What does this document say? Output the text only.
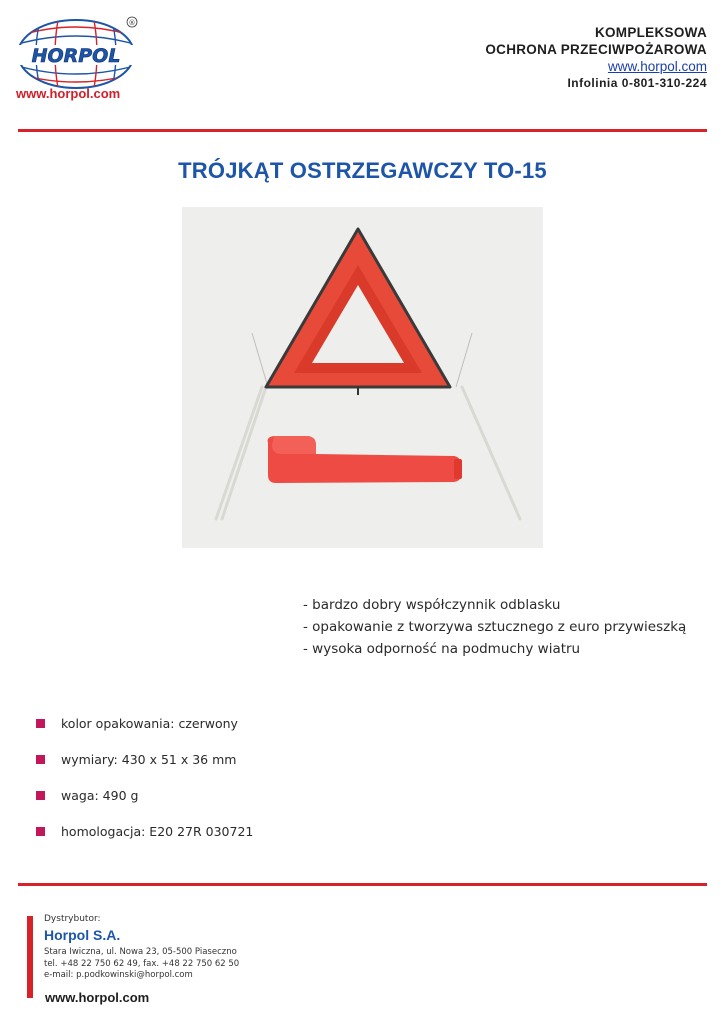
HORPOL
®
www.horpol.com
KOMPLEKSOWA
OCHRONA PRZECIWPOŻAROWA
www.horpol.com
Infolinia 0-801-310-224
TRÓJKĄT OSTRZEGAWCZY TO-15
- bardzo dobry współczynnik odblasku
- opakowanie z tworzywa sztucznego z euro przywieszką
- wysoka odporność na podmuchy wiatru
kolor opakowania: czerwony
wymiary: 430 x 51 x 36 mm
waga: 490 g
homologacja: E20 27R 030721
Dystrybutor:
Horpol S.A.
Stara Iwiczna, ul. Nowa 23, 05-500 Piaseczno
tel. +48 22 750 62 49, fax. +48 22 750 62 50
e-mail: p.podkowinski@horpol.com
www.horpol.com
